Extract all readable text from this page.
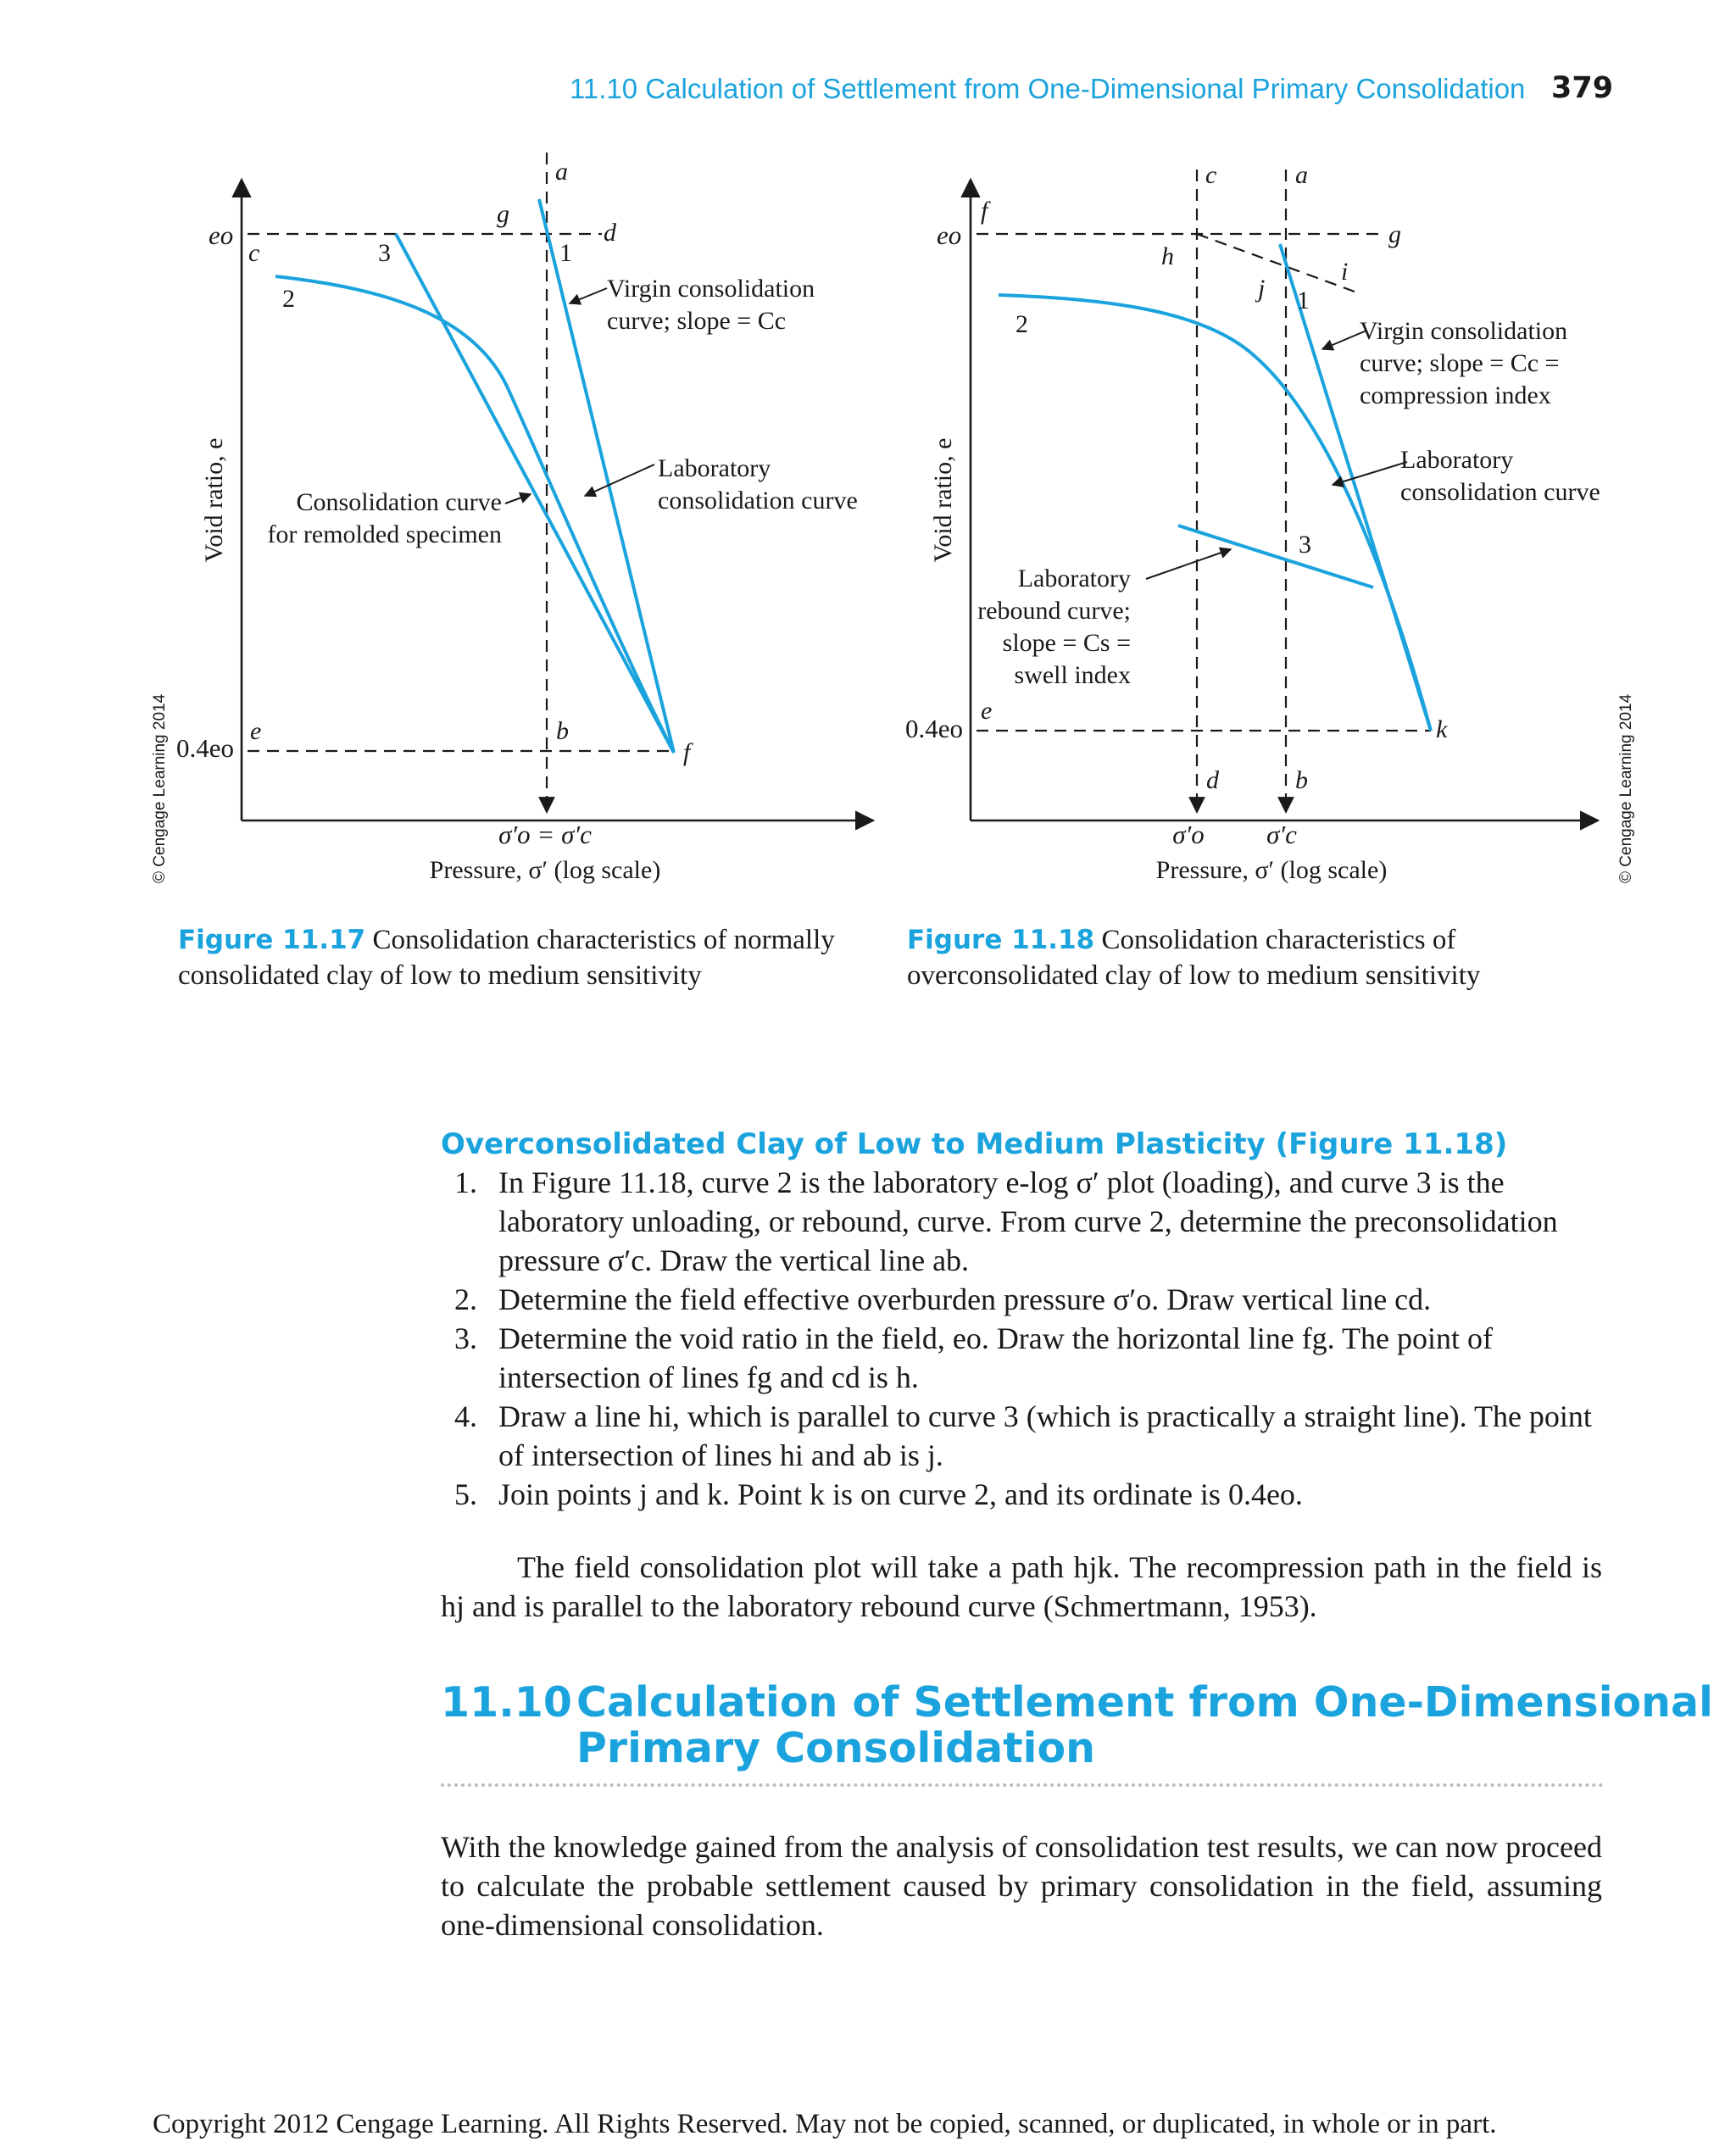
11.10 Calculation of Settlement from One-Dimensional Primary Consolidation 379
a
b
c
d
e
f
g
1
2
3
eo
0.4eo
σ′o = σ′c
Pressure, σ′ (log scale)
Void ratio, e
Virgin consolidation
curve; slope = Cc
Laboratory
consolidation curve
Consolidation curve
for remolded specimen
© Cengage Learning 2014
Figure 11.17 Consolidation characteristics of normally consolidated clay of low to medium sensitivity
a
b
c
d
e
f
g
h
i
j
k
1
2
3
eo
0.4eo
σ′o σ′c
Pressure, σ′ (log scale)
Void ratio, e
Virgin consolidation
curve; slope = Cc =
compression index
Laboratory
consolidation curve
Laboratory
rebound curve;
slope = Cs =
swell index
© Cengage Learning 2014
Figure 11.18 Consolidation characteristics of overconsolidated clay of low to medium sensitivity
Overconsolidated Clay of Low to Medium Plasticity (Figure 11.18)
1. In Figure 11.18, curve 2 is the laboratory e-log σ′ plot (loading), and curve 3 is the laboratory unloading, or rebound, curve. From curve 2, determine the preconsolidation pressure σ′c. Draw the vertical line ab.
2. Determine the field effective overburden pressure σ′o. Draw vertical line cd.
3. Determine the void ratio in the field, eo. Draw the horizontal line fg. The point of intersection of lines fg and cd is h.
4. Draw a line hi, which is parallel to curve 3 (which is practically a straight line). The point of intersection of lines hi and ab is j.
5. Join points j and k. Point k is on curve 2, and its ordinate is 0.4eo.
The field consolidation plot will take a path hjk. The recompression path in the field is hj and is parallel to the laboratory rebound curve (Schmertmann, 1953).
11.10 Calculation of Settlement from One-Dimensional
Primary Consolidation
With the knowledge gained from the analysis of consolidation test results, we can now proceed to calculate the probable settlement caused by primary consolidation in the field, assuming one-dimensional consolidation.
Copyright 2012 Cengage Learning. All Rights Reserved. May not be copied, scanned, or duplicated, in whole or in part.
